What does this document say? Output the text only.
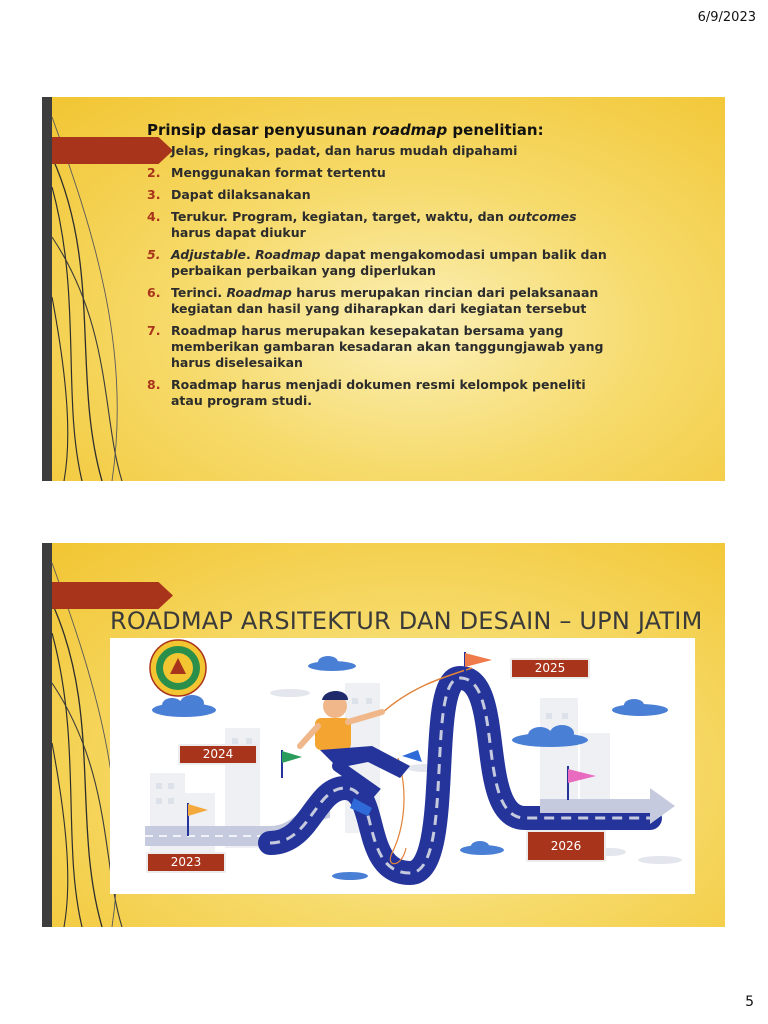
6/9/2023

Prinsip dasar penyusunan roadmap penelitian:

1. Jelas, ringkas, padat, dan harus mudah dipahami
2. Menggunakan format tertentu
3. Dapat dilaksanakan
4. Terukur. Program, kegiatan, target, waktu, dan outcomes harus dapat diukur
5. Adjustable. Roadmap dapat mengakomodasi umpan balik dan perbaikan perbaikan yang diperlukan
6. Terinci. Roadmap harus merupakan rincian dari pelaksanaan kegiatan dan hasil yang diharapkan dari kegiatan tersebut
7. Roadmap harus merupakan kesepakatan bersama yang memberikan gambaran kesadaran akan tanggungjawab yang harus diselesaikan
8. Roadmap harus menjadi dokumen resmi kelompok peneliti atau program studi.
ROADMAP ARSITEKTUR DAN DESAIN – UPN JATIM
2023
2024
2025
2026
5
